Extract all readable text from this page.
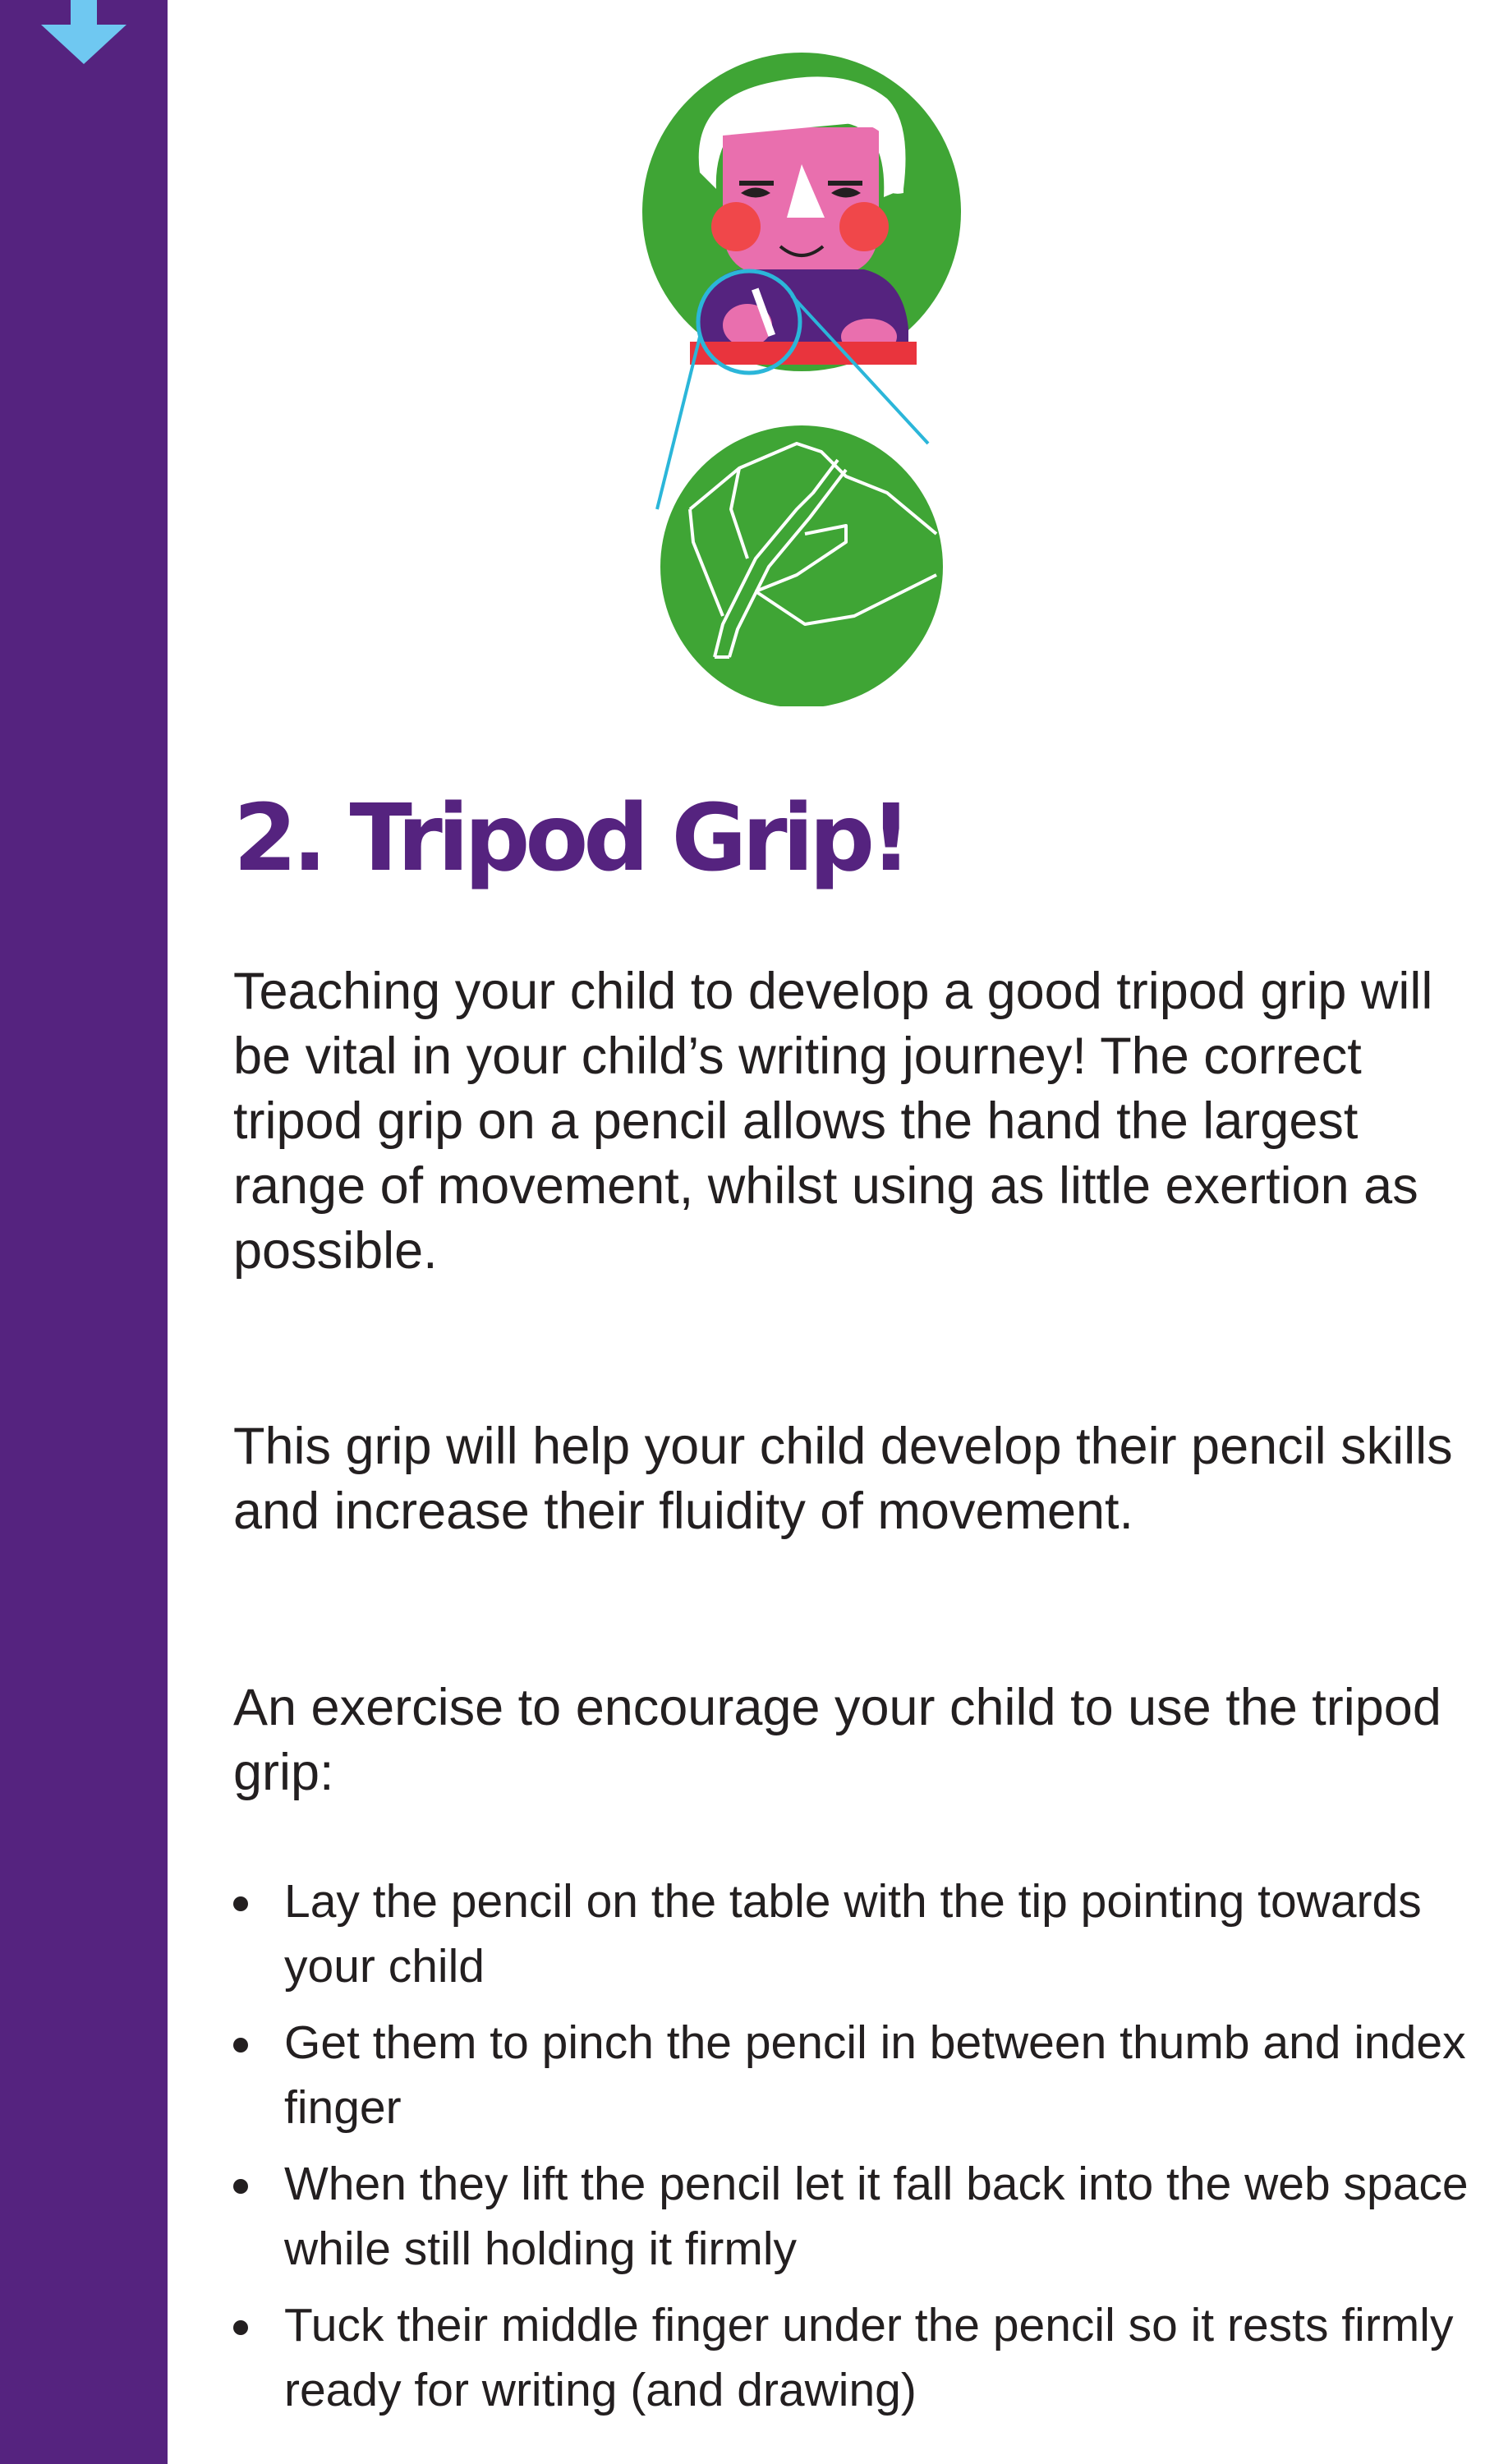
2. Tripod Grip!

Teaching your child to develop a good tripod grip will be vital in your child’s writing journey! The correct tripod grip on a pencil allows the hand the largest range of movement, whilst using as little exertion as possible.

This grip will help your child develop their pencil skills and increase their fluidity of movement.

An exercise to encourage your child to use the tripod grip:

Lay the pencil on the table with the tip pointing towards your child
Get them to pinch the pencil in between thumb and index finger
When they lift the pencil let it fall back into the web space while still holding it firmly
Tuck their middle finger under the pencil so it rests firmly ready for writing (and drawing)
